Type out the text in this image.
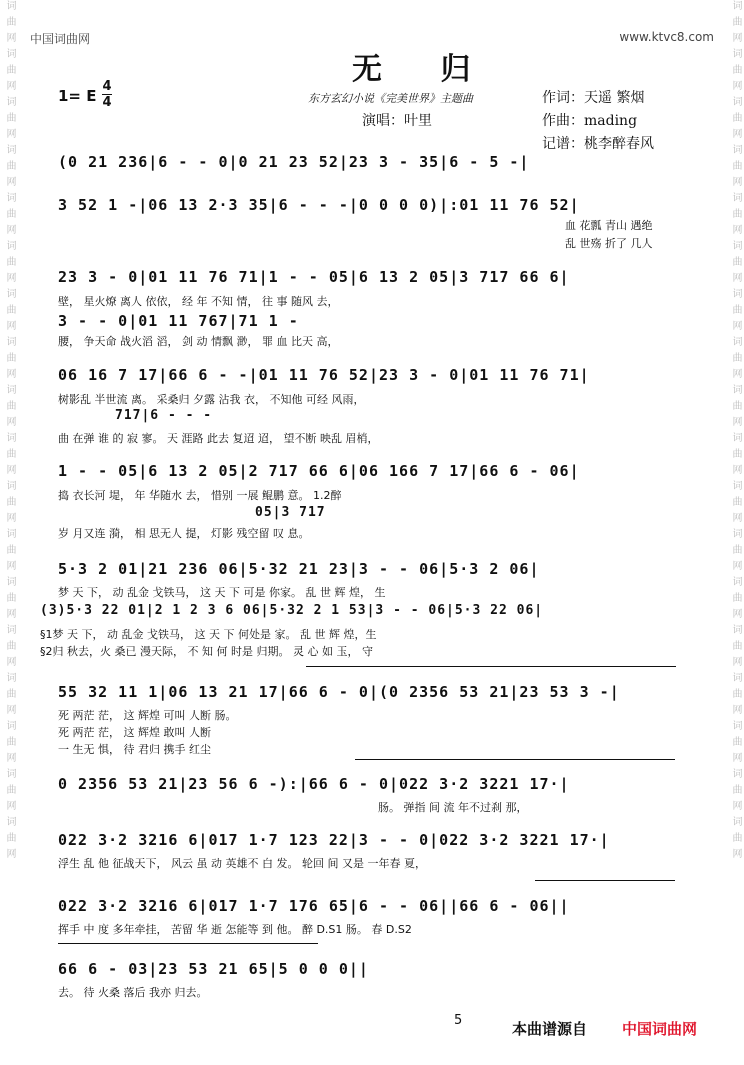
词曲网词曲网词曲网词曲网词曲网词曲网词曲网词曲网词曲网词曲网词曲网词曲网词曲网词曲网词曲网词曲网词曲网词曲网	词曲网词曲网词曲网词曲网词曲网词曲网词曲网词曲网词曲网词曲网词曲网词曲网词曲网词曲网词曲网词曲网词曲网词曲网
中国词曲网	www.ktvc8.com
无 归
1= E
4
4	东方玄幻小说《完美世界》主题曲
演唱：叶里
作词：天遥 繁烟
作曲：mading
记谱：桃李醉春风
(0 21 236|6 - - 0|0 21 23 52|23 3 - 35|6 - 5 -|
3 52 1 -|06 13 2·3 35|6 - - -|0 0 0 0)|:01 11 76 52|
血 花瓢 青山 遇绝
乱 世殇 折了 几人
23 3 - 0|01 11 76 71|1 - - 05|6 13 2 05|3 717 66 6|
壁， 星火燎 离人 依依， 经 年 不知 情， 往 事 随风 去，
3 - - 0|01 11 767|71 1 -
腰， 争天命 战火滔 滔， 剑 动 情飘 渺， 罪 血 比天 高，
06 16 7 17|66 6 - -|01 11 76 52|23 3 - 0|01 11 76 71|
树影乱 半世流 离。 采桑归 夕露 沾我 衣， 不知他 可经 风雨，
717|6 - - -
曲 在弹 谁 的 寂 寥。 天 涯路 此去 复迢 迢， 望不断 映乱 眉梢，
1 - - 05|6 13 2 05|2 717 66 6|06 166 7 17|66 6 - 06|
捣 衣长河 堤， 年 华随水 去， 惜别 一展 鲲鹏 意。 1.2醉
05|3 717
岁 月又连 漪， 相 思无人 提， 灯影 残空留 叹 息。
5·3 2 01|21 236 06|5·32 21 23|3 - - 06|5·3 2 06|
梦 天 下， 动 乱金 戈铁马， 这 天 下 可是 你家。 乱 世 辉 煌， 生
(3)5·3 22 01|2 1 2 3 6 06|5·32 2 1 53|3 - - 06|5·3 22 06|
§1梦 天 下， 动 乱金 戈铁马， 这 天 下 何处是 家。 乱 世 辉 煌，生
§2归 秋去，火 桑已 漫天际， 不 知 何 时是 归期。 灵 心 如 玉， 守
55 32 11 1|06 13 21 17|66 6 - 0|(0 2356 53 21|23 53 3 -|
死 两茫 茫， 这 辉煌 可叫 人断 肠。
死 两茫 茫， 这 辉煌 敢叫 人断
一 生无 惧， 待 君归 携手 红尘
0 2356 53 21|23 56 6 -):|66 6 - 0|022 3·2 3221 17·|
肠。 弹指 间 流 年不过刹 那，
022 3·2 3216 6|017 1·7 123 22|3 - - 0|022 3·2 3221 17·|
浮生 乱 他 征战天下， 风云 虽 动 英雄不 白 发。 轮回 间 又是 一年春 夏，
022 3·2 3216 6|017 1·7 176 65|6 - - 06||66 6 - 06||
挥手 中 度 多年牵挂， 苦留 华 逝 怎能等 到 他。 醉 D.S1 肠。 春 D.S2
66 6 - 03|23 53 21 65|5 0 0 0||
去。 待 火桑 落后 我亦 归去。
5	本曲谱源自 中国词曲网
